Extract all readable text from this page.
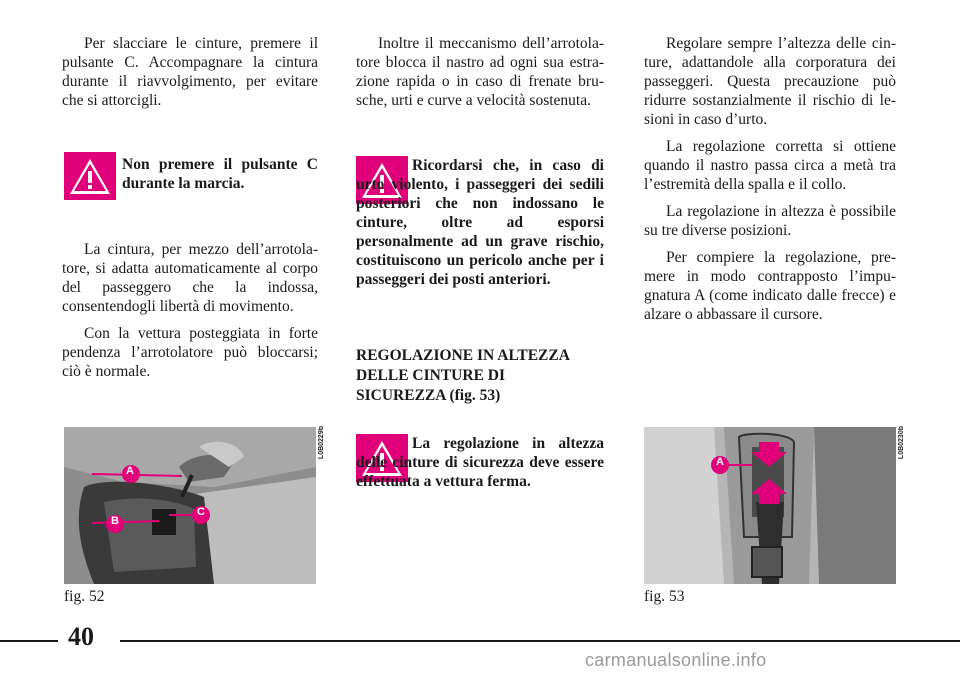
Per slacciare le cinture, premere il pulsante C. Accompagnare la cintura durante il riavvolgimento, per evitare che si attorcigli.

Non premere il pulsante C durante la marcia.

La cintura, per mezzo dell’arrotola-tore, si adatta automaticamente al corpo del passeggero che la indossa, consentendogli libertà di movimento.

Con la vettura posteggiata in forte pendenza l’arrotolatore può bloccarsi; ciò è normale.

A
B
C
L0B0229b
fig. 52

Inoltre il meccanismo dell’arrotola-tore blocca il nastro ad ogni sua estra-zione rapida o in caso di frenate bru-sche, urti e curve a velocità sostenuta.

Ricordarsi che, in caso di urto violento, i passeggeri dei sedili posteriori che non indossano le cinture, oltre ad esporsi personalmente ad un grave rischio, costituiscono un pericolo anche per i passeggeri dei posti anteriori.
REGOLAZIONE IN ALTEZZA
DELLE CINTURE DI
SICUREZZA (fig. 53)
La regolazione in altezza delle cinture di sicurezza deve essere effettuata a vettura ferma.

Regolare sempre l’altezza delle cin-ture, adattandole alla corporatura dei passeggeri. Questa precauzione può ridurre sostanzialmente il rischio di le-sioni in caso d’urto.

La regolazione corretta si ottiene quando il nastro passa circa a metà tra l’estremità della spalla e il collo.

La regolazione in altezza è possibile su tre diverse posizioni.

Per compiere la regolazione, pre-mere in modo contrapposto l’impu-gnatura A (come indicato dalle frecce) e alzare o abbassare il cursore.

A
L0B0230b
fig. 53
40
carmanualsonline.info
